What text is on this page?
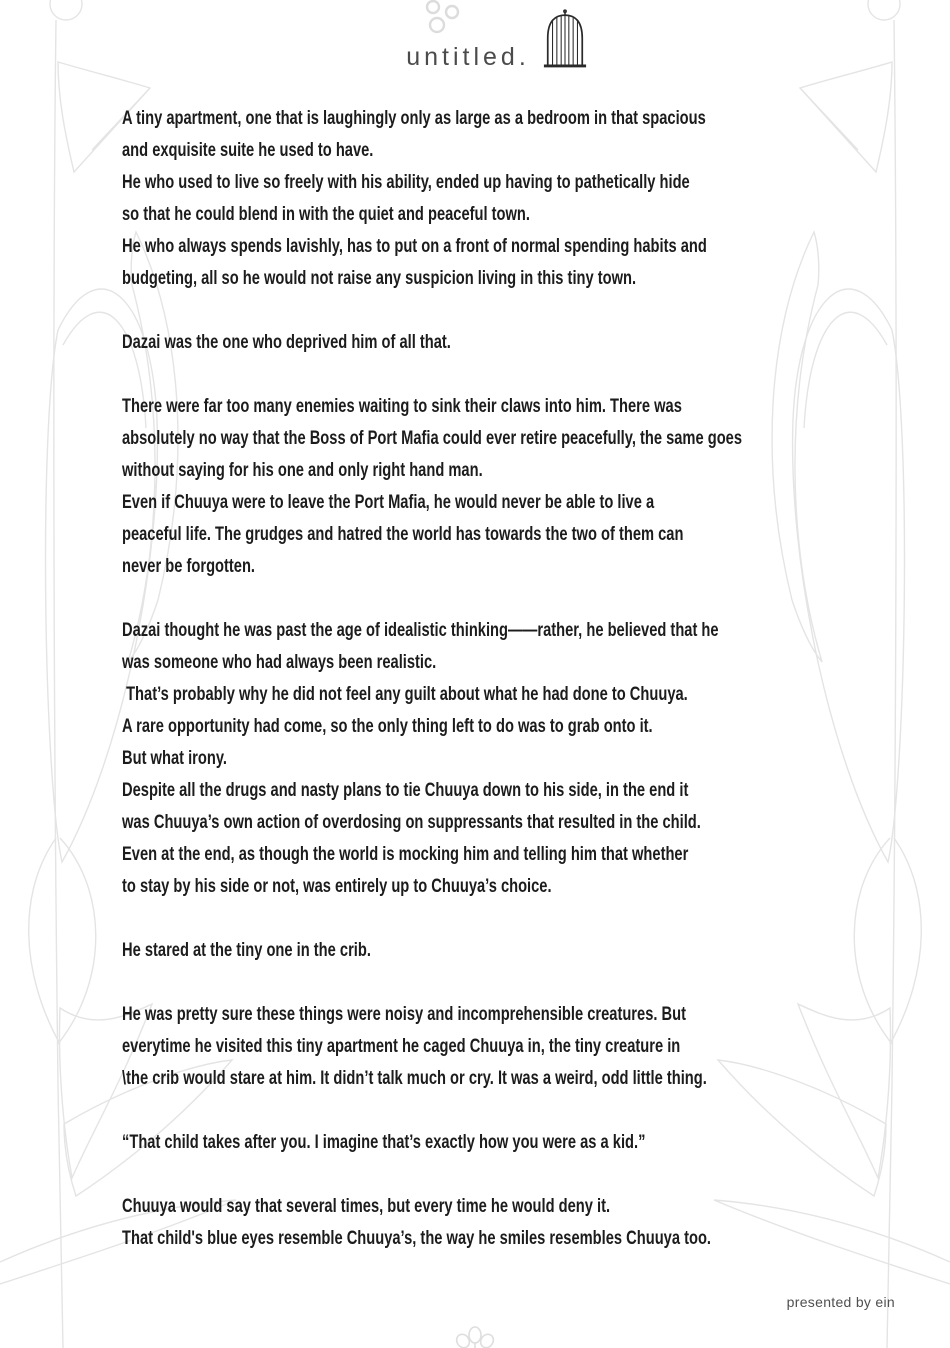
untitled.
A tiny apartment, one that is laughingly only as large as a bedroom in that spacious
and exquisite suite he used to have.
He who used to live so freely with his ability, ended up having to pathetically hide
so that he could blend in with the quiet and peaceful town.
He who always spends lavishly, has to put on a front of normal spending habits and
budgeting, all so he would not raise any suspicion living in this tiny town.
Dazai was the one who deprived him of all that.
There were far too many enemies waiting to sink their claws into him. There was
absolutely no way that the Boss of Port Mafia could ever retire peacefully, the same goes
without saying for his one and only right hand man.
Even if Chuuya were to leave the Port Mafia, he would never be able to live a
peaceful life. The grudges and hatred the world has towards the two of them can
never be forgotten.
Dazai thought he was past the age of idealistic thinking——rather, he believed that he
was someone who had always been realistic.
That’s probably why he did not feel any guilt about what he had done to Chuuya.
A rare opportunity had come, so the only thing left to do was to grab onto it.
But what irony.
Despite all the drugs and nasty plans to tie Chuuya down to his side, in the end it
was Chuuya’s own action of overdosing on suppressants that resulted in the child.
Even at the end, as though the world is mocking him and telling him that whether
to stay by his side or not, was entirely up to Chuuya’s choice.
He stared at the tiny one in the crib.
He was pretty sure these things were noisy and incomprehensible creatures. But
everytime he visited this tiny apartment he caged Chuuya in, the tiny creature in
\the crib would stare at him. It didn’t talk much or cry. It was a weird, odd little thing.
“That child takes after you. I imagine that’s exactly how you were as a kid.”
Chuuya would say that several times, but every time he would deny it.
That child's blue eyes resemble Chuuya’s, the way he smiles resembles Chuuya too.
presented by ein
